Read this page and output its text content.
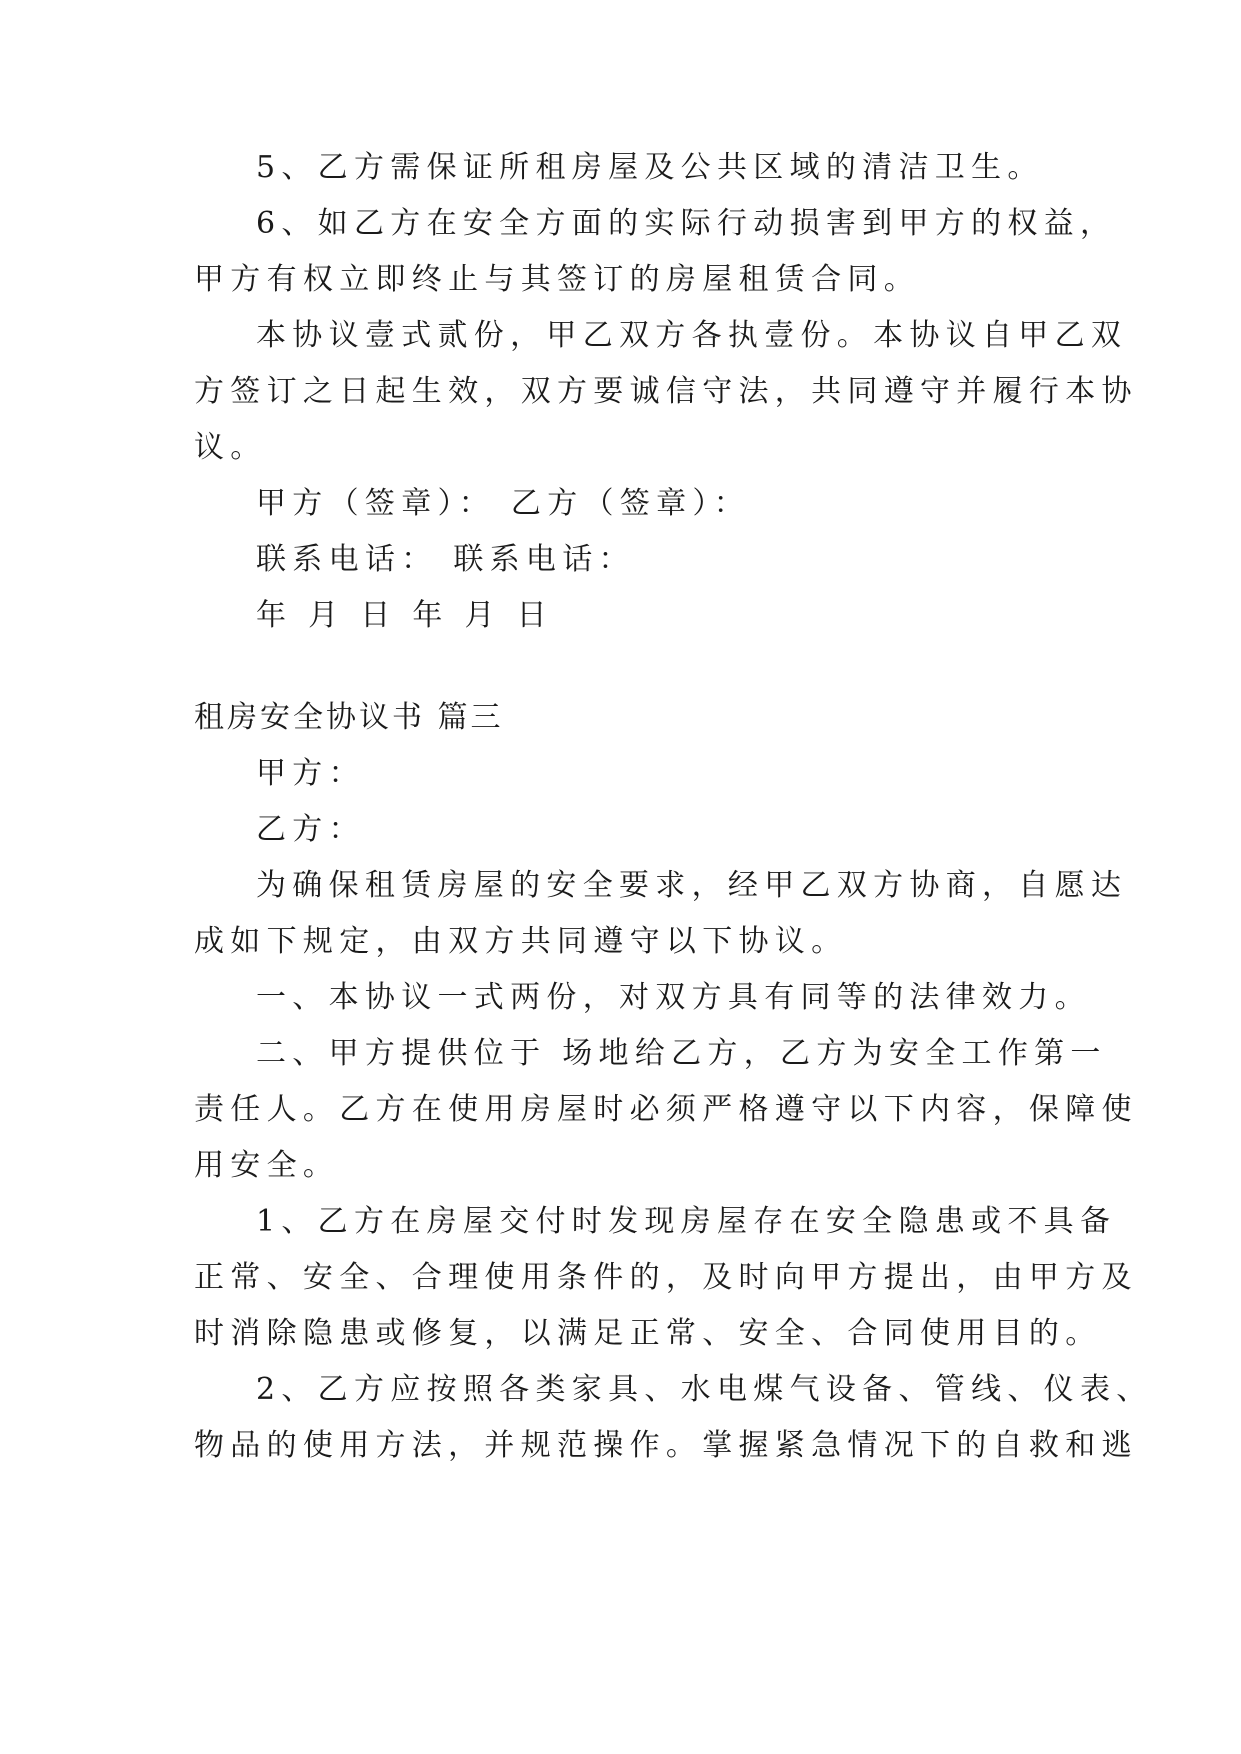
5、乙方需保证所租房屋及公共区域的清洁卫生。

6、如乙方在安全方面的实际行动损害到甲方的权益，

甲方有权立即终止与其签订的房屋租赁合同。

本协议壹式贰份，甲乙双方各执壹份。本协议自甲乙双

方签订之日起生效，双方要诚信守法，共同遵守并履行本协

议。

甲方（签章）： 乙方（签章）：

联系电话： 联系电话：

年 月 日 年 月 日

租房安全协议书 篇三

甲方：

乙方：

为确保租赁房屋的安全要求，经甲乙双方协商，自愿达

成如下规定，由双方共同遵守以下协议。

一、本协议一式两份，对双方具有同等的法律效力。

二、甲方提供位于 场地给乙方，乙方为安全工作第一

责任人。乙方在使用房屋时必须严格遵守以下内容，保障使

用安全。

1、乙方在房屋交付时发现房屋存在安全隐患或不具备

正常、安全、合理使用条件的，及时向甲方提出，由甲方及

时消除隐患或修复，以满足正常、安全、合同使用目的。

2、乙方应按照各类家具、水电煤气设备、管线、仪表、

物品的使用方法，并规范操作。掌握紧急情况下的自救和逃
